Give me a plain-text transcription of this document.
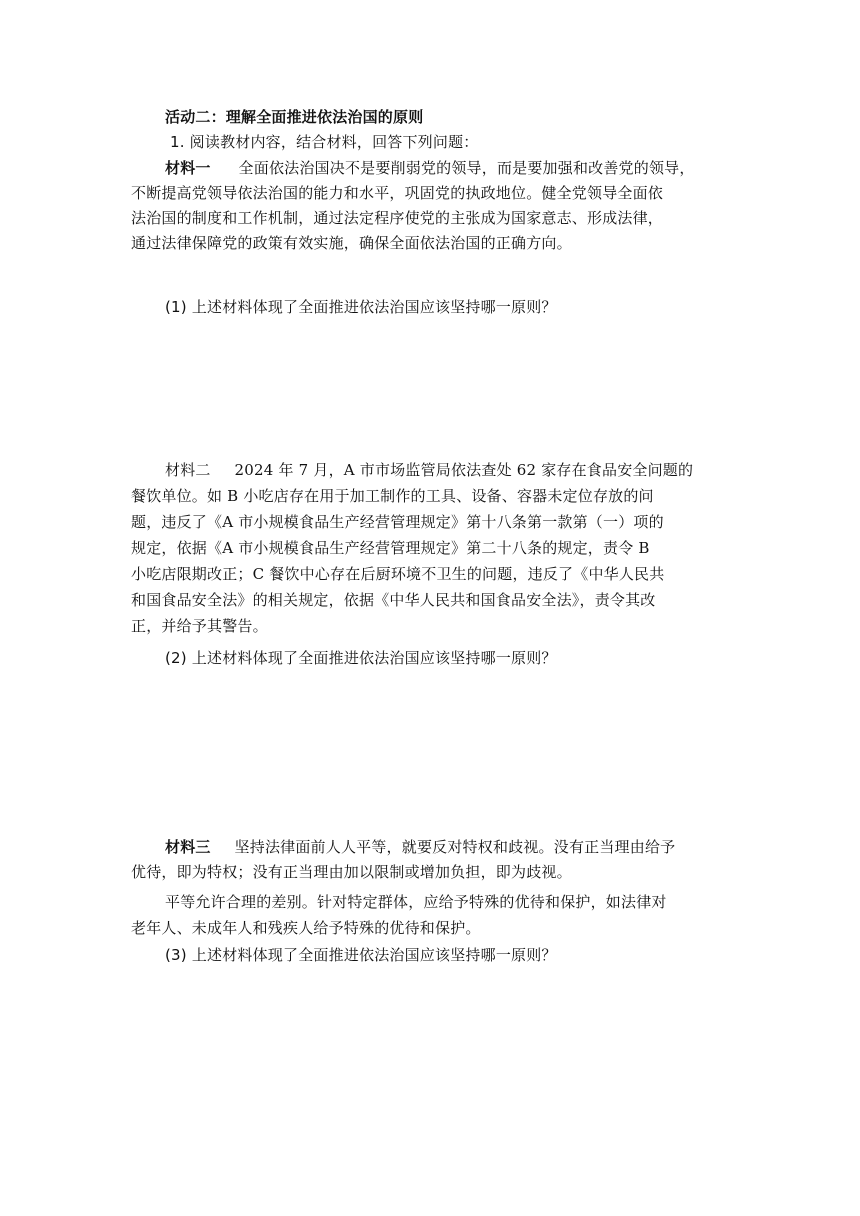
活动二：理解全面推进依法治国的原则
1. 阅读教材内容，结合材料，回答下列问题：
材料一 全面依法治国决不是要削弱党的领导，而是要加强和改善党的领导，
不断提高党领导依法治国的能力和水平，巩固党的执政地位。健全党领导全面依
法治国的制度和工作机制，通过法定程序使党的主张成为国家意志、形成法律，
通过法律保障党的政策有效实施，确保全面依法治国的正确方向。
(1) 上述材料体现了全面推进依法治国应该坚持哪一原则？
材料二 2024 年 7 月，A 市市场监管局依法查处 62 家存在食品安全问题的
餐饮单位。如 B 小吃店存在用于加工制作的工具、设备、容器未定位存放的问
题，违反了《A 市小规模食品生产经营管理规定》第十八条第一款第（一）项的
规定，依据《A 市小规模食品生产经营管理规定》第二十八条的规定，责令 B
小吃店限期改正；C 餐饮中心存在后厨环境不卫生的问题，违反了《中华人民共
和国食品安全法》的相关规定，依据《中华人民共和国食品安全法》，责令其改
正，并给予其警告。
(2) 上述材料体现了全面推进依法治国应该坚持哪一原则？
材料三 坚持法律面前人人平等，就要反对特权和歧视。没有正当理由给予
优待，即为特权；没有正当理由加以限制或增加负担，即为歧视。
平等允许合理的差别。针对特定群体，应给予特殊的优待和保护，如法律对
老年人、未成年人和残疾人给予特殊的优待和保护。
(3) 上述材料体现了全面推进依法治国应该坚持哪一原则？
